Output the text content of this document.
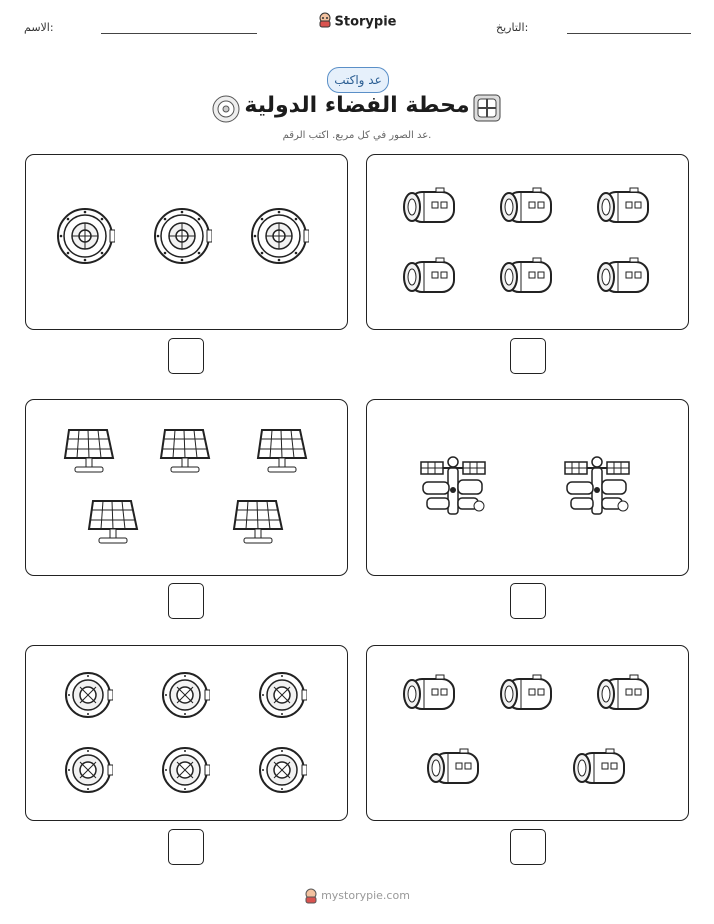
الاسم:	Storypie	التاريخ:
عد واكتب
محطة الفضاء الدولية
عد الصور في كل مربع. اكتب الرقم.
mystorypie.com
